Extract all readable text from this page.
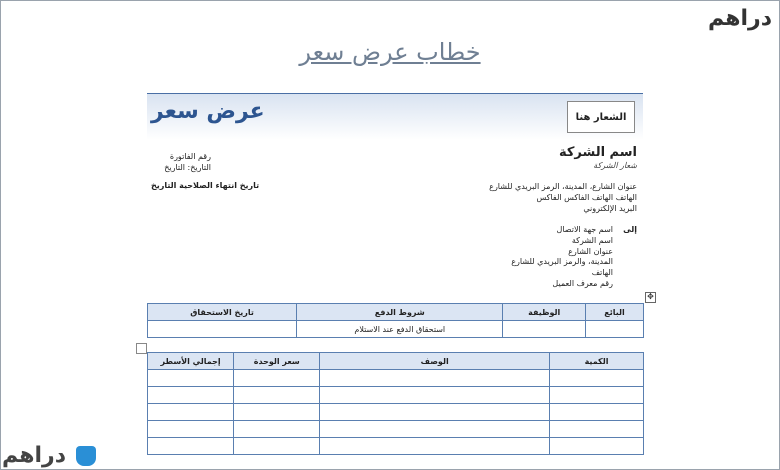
دراهم
خطاب عرض سعر
عرض سعر	الشعار هنا
اسم الشركة
شعار الشركة
رقم الفاتورة
التاريخ: التاريخ
تاريخ انتهاء الصلاحية التاريخ	عنوان الشارع، المدينة، الرمز البريدي للشارع
الهاتف الهاتف الفاكس الفاكس
البريد الإلكتروني
إلى
اسم جهة الاتصال
اسم الشركة
عنوان الشارع
المدينة، والرمز البريدي للشارع
الهاتف
رقم معرف العميل
✥
البائع	الوظيفة	شروط الدفع	تاريخ الاستحقاق
		استحقاق الدفع عند الاستلام	
الكمية	الوصف	سعر الوحدة	إجمالي الأسطر

دراهم
